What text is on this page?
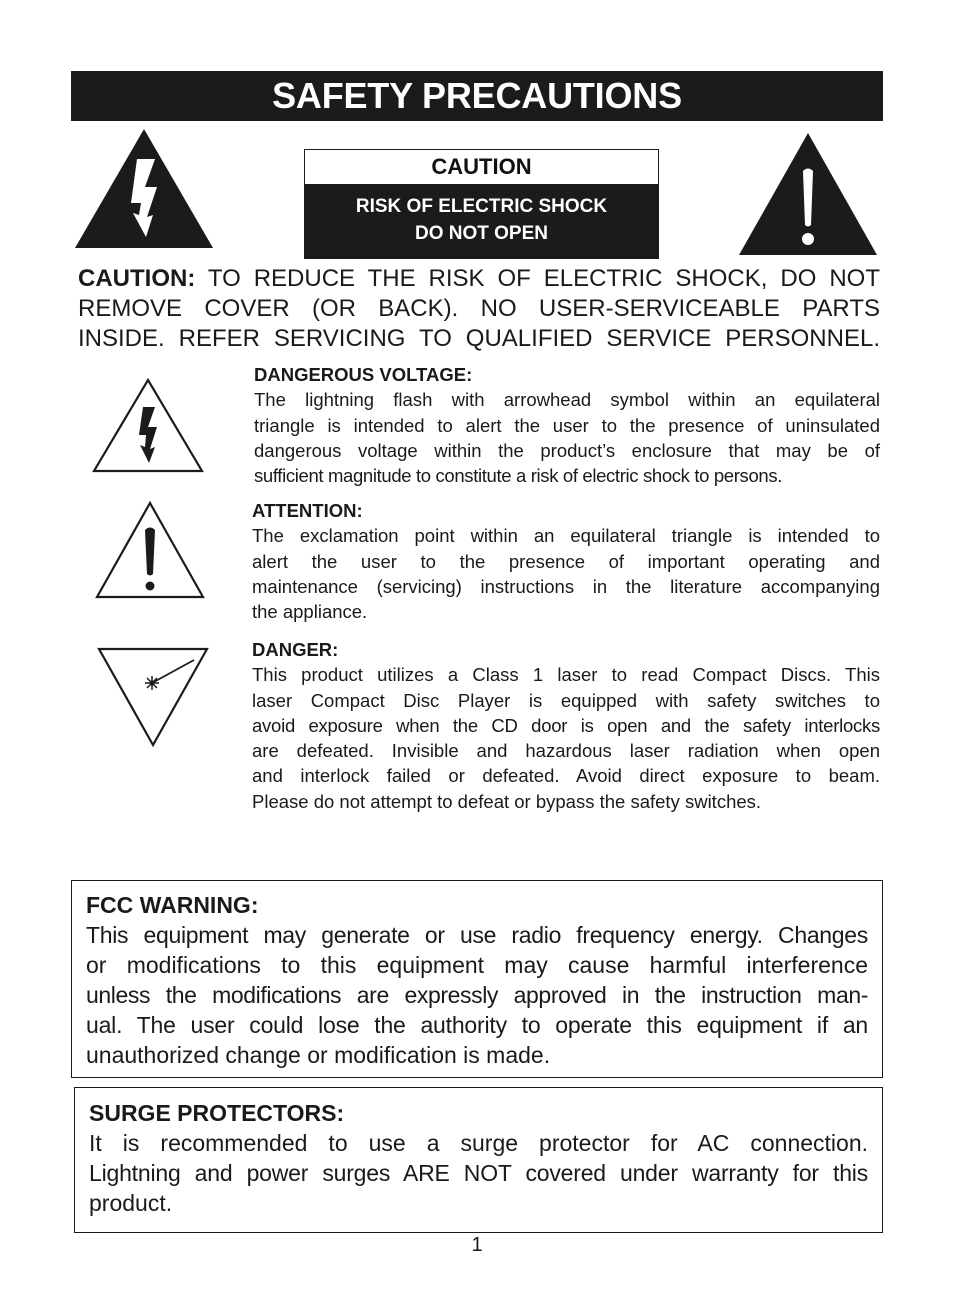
SAFETY PRECAUTIONS
CAUTION
RISK OF ELECTRIC SHOCK
DO NOT OPEN
CAUTION: TO REDUCE THE RISK OF ELECTRIC SHOCK, DO NOT
REMOVE COVER (OR BACK). NO USER-SERVICEABLE PARTS
INSIDE. REFER SERVICING TO QUALIFIED SERVICE PERSONNEL.
DANGEROUS VOLTAGE:
The lightning flash with arrowhead symbol within an equilateral
triangle is intended to alert the user to the presence of uninsulated
dangerous voltage within the product’s enclosure that may be of
sufficient magnitude to constitute a risk of electric shock to persons.
ATTENTION:
The exclamation point within an equilateral triangle is intended to
alert the user to the presence of important operating and
maintenance (servicing) instructions in the literature accompanying
the appliance.
DANGER:
This product utilizes a Class 1 laser to read Compact Discs. This
laser Compact Disc Player is equipped with safety switches to
avoid exposure when the CD door is open and the safety interlocks
are defeated. Invisible and hazardous laser radiation when open
and interlock failed or defeated. Avoid direct exposure to beam.
Please do not attempt to defeat or bypass the safety switches.
FCC WARNING:
This equipment may generate or use radio frequency energy. Changes
or modifications to this equipment may cause harmful interference
unless the modifications are expressly approved in the instruction man-
ual. The user could lose the authority to operate this equipment if an
unauthorized change or modification is made.
SURGE PROTECTORS:
It is recommended to use a surge protector for AC connection.
Lightning and power surges ARE NOT covered under warranty for this
product.
1
